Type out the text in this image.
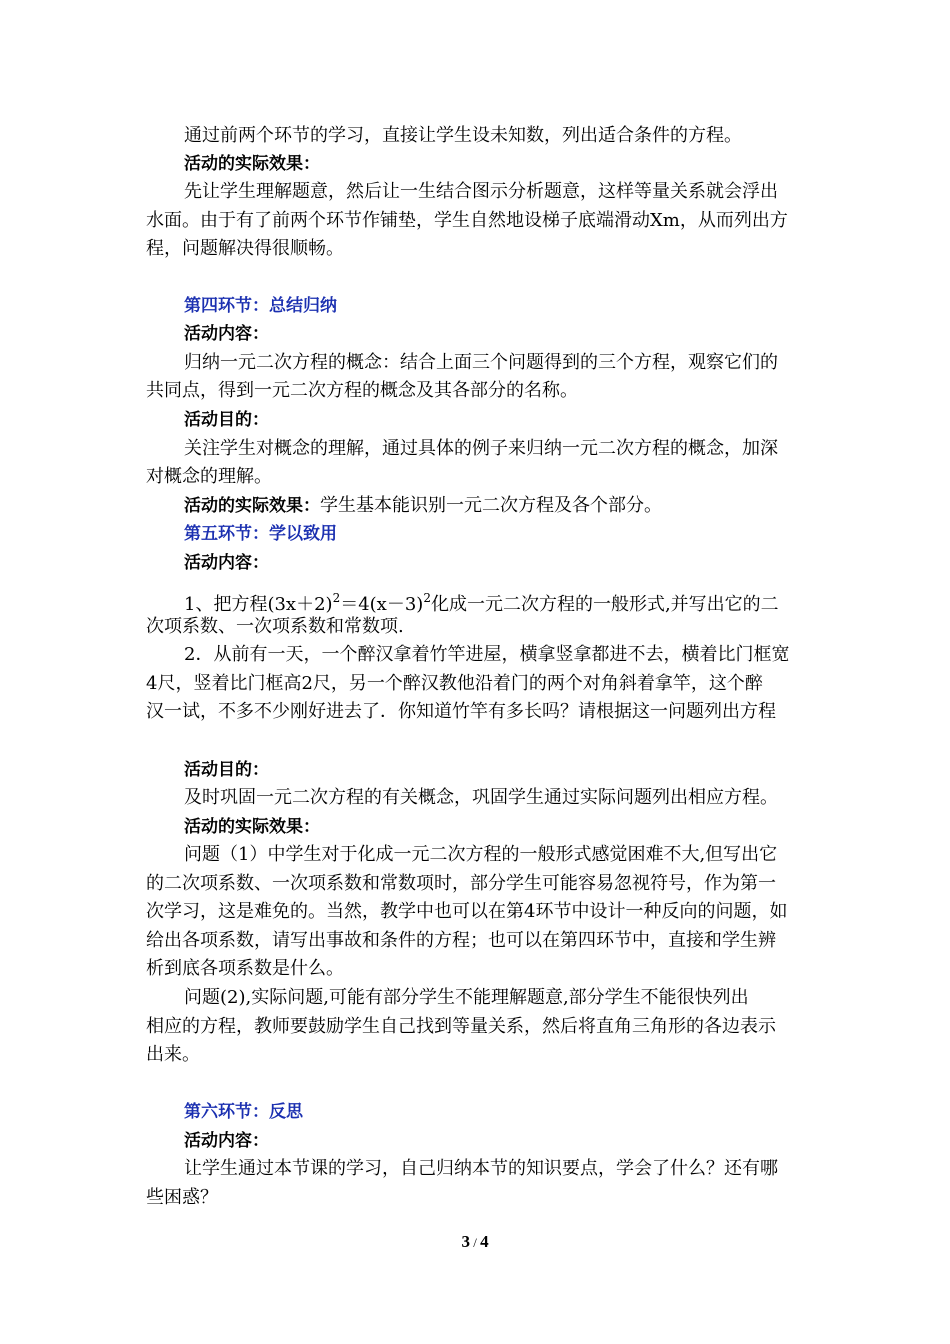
通过前两个环节的学习，直接让学生设未知数，列出适合条件的方程。
活动的实际效果：
先让学生理解题意，然后让一生结合图示分析题意，这样等量关系就会浮出
水面。由于有了前两个环节作铺垫，学生自然地设梯子底端滑动Xm，从而列出方
程，问题解决得很顺畅。
第四环节：总结归纳
活动内容：
归纳一元二次方程的概念：结合上面三个问题得到的三个方程，观察它们的
共同点，得到一元二次方程的概念及其各部分的名称。
活动目的：
关注学生对概念的理解，通过具体的例子来归纳一元二次方程的概念，加深
对概念的理解。
活动的实际效果：学生基本能识别一元二次方程及各个部分。
第五环节：学以致用
活动内容：
1、把方程$(3x+2)^2=4(x-3)^2$化成一元二次方程的一般形式,并写出它的二
次项系数、一次项系数和常数项.
2．从前有一天，一个醉汉拿着竹竿进屋，横拿竖拿都进不去，横着比门框宽
4尺，竖着比门框高2尺，另一个醉汉教他沿着门的两个对角斜着拿竿，这个醉
汉一试，不多不少刚好进去了．你知道竹竿有多长吗？请根据这一问题列出方程
活动目的：
及时巩固一元二次方程的有关概念，巩固学生通过实际问题列出相应方程。
活动的实际效果：
问题（1）中学生对于化成一元二次方程的一般形式感觉困难不大,但写出它
的二次项系数、一次项系数和常数项时，部分学生可能容易忽视符号，作为第一
次学习，这是难免的。当然，教学中也可以在第4环节中设计一种反向的问题，如
给出各项系数，请写出事故和条件的方程；也可以在第四环节中，直接和学生辨
析到底各项系数是什么。
问题(2),实际问题,可能有部分学生不能理解题意,部分学生不能很快列出
相应的方程，教师要鼓励学生自己找到等量关系，然后将直角三角形的各边表示
出来。
第六环节：反思
活动内容：
让学生通过本节课的学习，自己归纳本节的知识要点，学会了什么？还有哪
些困惑？
3 / 4
